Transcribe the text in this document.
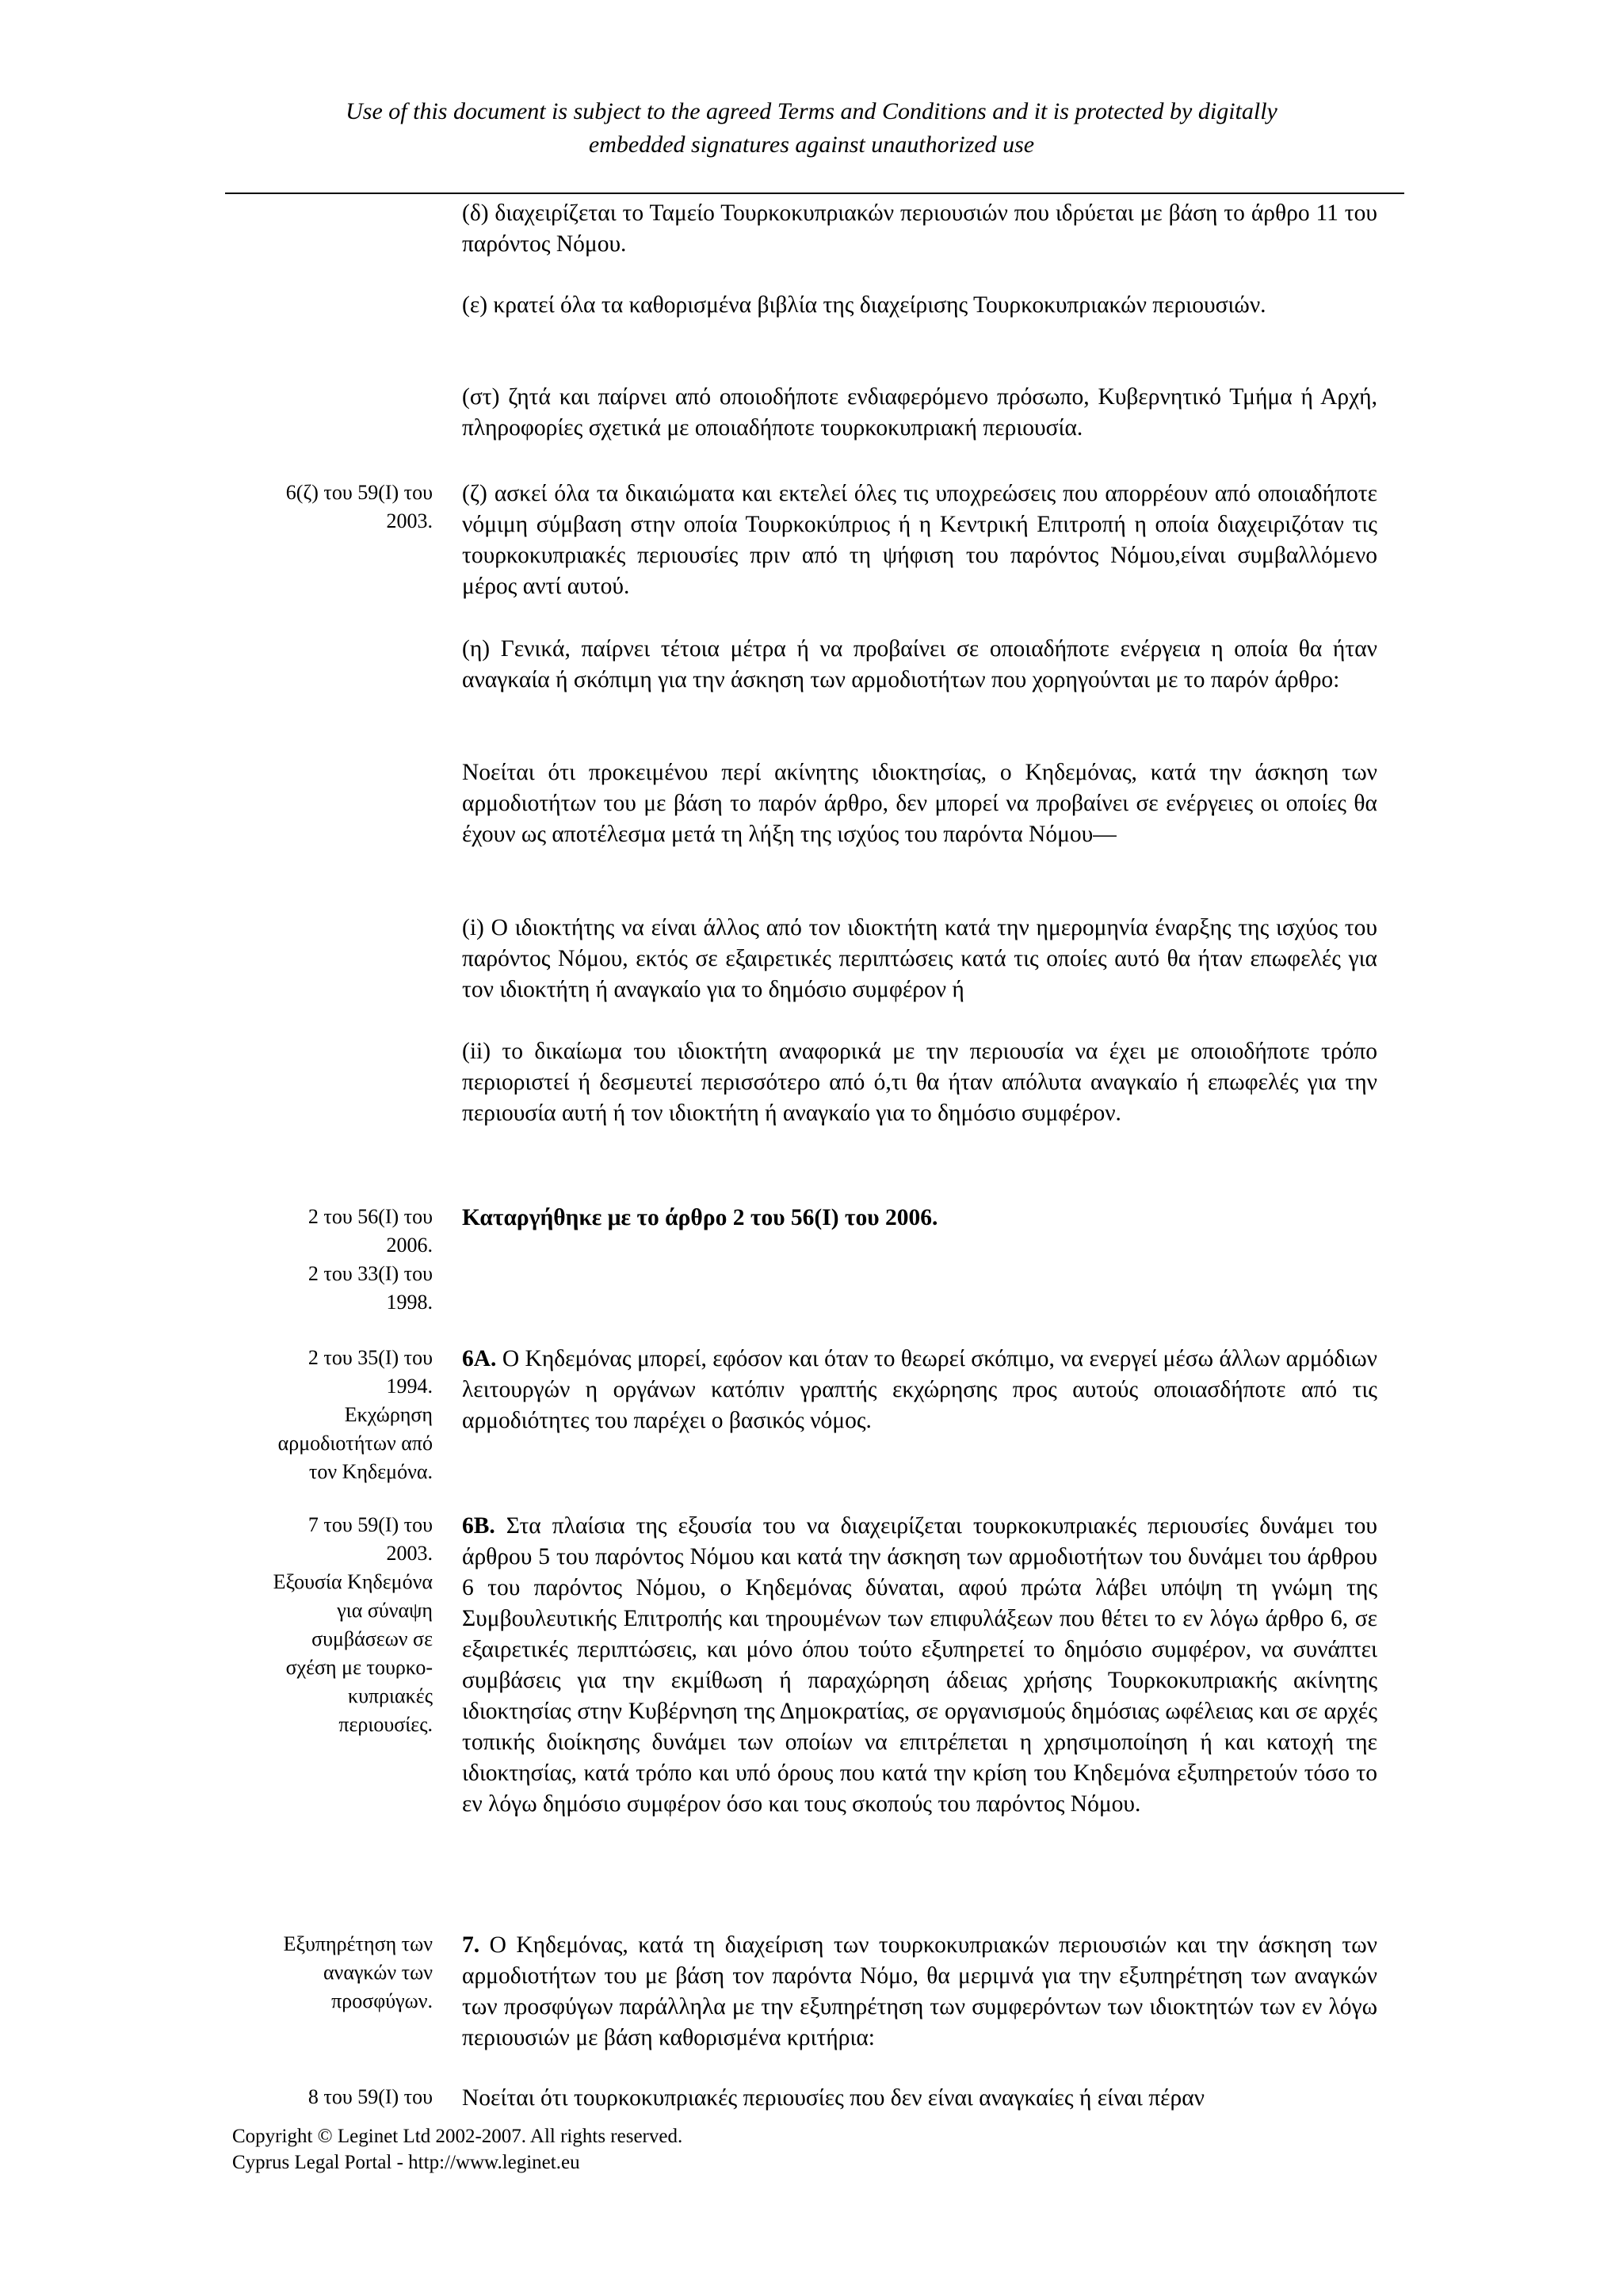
Use of this document is subject to the agreed Terms and Conditions and it is protected by digitally
embedded signatures against unauthorized use
(δ) διαχειρίζεται το Ταμείο Τουρκοκυπριακών περιουσιών που ιδρύεται με βάση το άρθρο 11 του παρόντος Νόμου.
(ε) κρατεί όλα τα καθορισμένα βιβλία της διαχείρισης Τουρκοκυπριακών περιουσιών.
(στ) ζητά και παίρνει από οποιοδήποτε ενδιαφερόμενο πρόσωπο, Κυβερνητικό Τμήμα ή Αρχή, πληροφορίες σχετικά με οποιαδήποτε τουρκοκυπριακή περιουσία.
6(ζ) του 59(Ι) του
2003.
(ζ) ασκεί όλα τα δικαιώματα και εκτελεί όλες τις υποχρεώσεις που απορρέουν από οποιαδήποτε νόμιμη σύμβαση στην οποία Τουρκοκύπριος ή η Κεντρική Επιτροπή η οποία διαχειριζόταν τις τουρκοκυπριακές περιουσίες πριν από τη ψήφιση του παρόντος Νόμου,είναι συμβαλλόμενο μέρος αντί αυτού.
(η) Γενικά, παίρνει τέτοια μέτρα ή να προβαίνει σε οποιαδήποτε ενέργεια η οποία θα ήταν αναγκαία ή σκόπιμη για την άσκηση των αρμοδιοτήτων που χορηγούνται με το παρόν άρθρο:
Νοείται ότι προκειμένου περί ακίνητης ιδιοκτησίας, ο Κηδεμόνας, κατά την άσκηση των αρμοδιοτήτων του με βάση το παρόν άρθρο, δεν μπορεί να προβαίνει σε ενέργειες οι οποίες θα έχουν ως αποτέλεσμα μετά τη λήξη της ισχύος του παρόντα Νόμου—
(i) Ο ιδιοκτήτης να είναι άλλος από τον ιδιοκτήτη κατά την ημερομηνία έναρξης της ισχύος του παρόντος Νόμου, εκτός σε εξαιρετικές περιπτώσεις κατά τις οποίες αυτό θα ήταν επωφελές για τον ιδιοκτήτη ή αναγκαίο για το δημόσιο συμφέρον ή
(ii) το δικαίωμα του ιδιοκτήτη αναφορικά με την περιουσία να έχει με οποιοδήποτε τρόπο περιοριστεί ή δεσμευτεί περισσότερο από ό,τι θα ήταν απόλυτα αναγκαίο ή επωφελές για την περιουσία αυτή ή τον ιδιοκτήτη ή αναγκαίο για το δημόσιο συμφέρον.
2 του 56(Ι) του
2006.
2 του 33(Ι) του
1998.
Καταργήθηκε με το άρθρο 2 του 56(Ι) του 2006.
2 του 35(Ι) του
1994.
Εκχώρηση
αρμοδιοτήτων από
τον Κηδεμόνα.
6Α. Ο Κηδεμόνας μπορεί, εφόσον και όταν το θεωρεί σκόπιμο, να ενεργεί μέσω άλλων αρμόδιων λειτουργών η οργάνων κατόπιν γραπτής εκχώρησης προς αυτούς οποιασδήποτε από τις αρμοδιότητες του παρέχει ο βασικός νόμος.
7 του 59(Ι) του
2003.
Εξουσία Κηδεμόνα
για σύναψη
συμβάσεων σε
σχέση με τουρκο-
κυπριακές
περιουσίες.
6Β. Στα πλαίσια της εξουσία του να διαχειρίζεται τουρκοκυπριακές περιουσίες δυνάμει του άρθρου 5 του παρόντος Νόμου και κατά την άσκηση των αρμοδιοτήτων του δυνάμει του άρθρου 6 του παρόντος Νόμου, ο Κηδεμόνας δύναται, αφού πρώτα λάβει υπόψη τη γνώμη της Συμβουλευτικής Επιτροπής και τηρουμένων των επιφυλάξεων που θέτει το εν λόγω άρθρο 6, σε εξαιρετικές περιπτώσεις, και μόνο όπου τούτο εξυπηρετεί το δημόσιο συμφέρον, να συνάπτει συμβάσεις για την εκμίθωση ή παραχώρηση άδειας χρήσης Τουρκοκυπριακής ακίνητης ιδιοκτησίας στην Κυβέρνηση της Δημοκρατίας, σε οργανισμούς δημόσιας ωφέλειας και σε αρχές τοπικής διοίκησης δυνάμει των οποίων να επιτρέπεται η χρησιμοποίηση ή και κατοχή τηε ιδιοκτησίας, κατά τρόπο και υπό όρους που κατά την κρίση του Κηδεμόνα εξυπηρετούν τόσο το εν λόγω δημόσιο συμφέρον όσο και τους σκοπούς του παρόντος Νόμου.
Εξυπηρέτηση των
αναγκών των
προσφύγων.
7. Ο Κηδεμόνας, κατά τη διαχείριση των τουρκοκυπριακών περιουσιών και την άσκηση των αρμοδιοτήτων του με βάση τον παρόντα Νόμο, θα μεριμνά για την εξυπηρέτηση των αναγκών των προσφύγων παράλληλα με την εξυπηρέτηση των συμφερόντων των ιδιοκτητών των εν λόγω περιουσιών με βάση καθορισμένα κριτήρια:
8 του 59(Ι) του Νοείται ότι τουρκοκυπριακές περιουσίες που δεν είναι αναγκαίες ή είναι πέραν
Copyright © Leginet Ltd 2002-2007. All rights reserved.
Cyprus Legal Portal - http://www.leginet.eu
